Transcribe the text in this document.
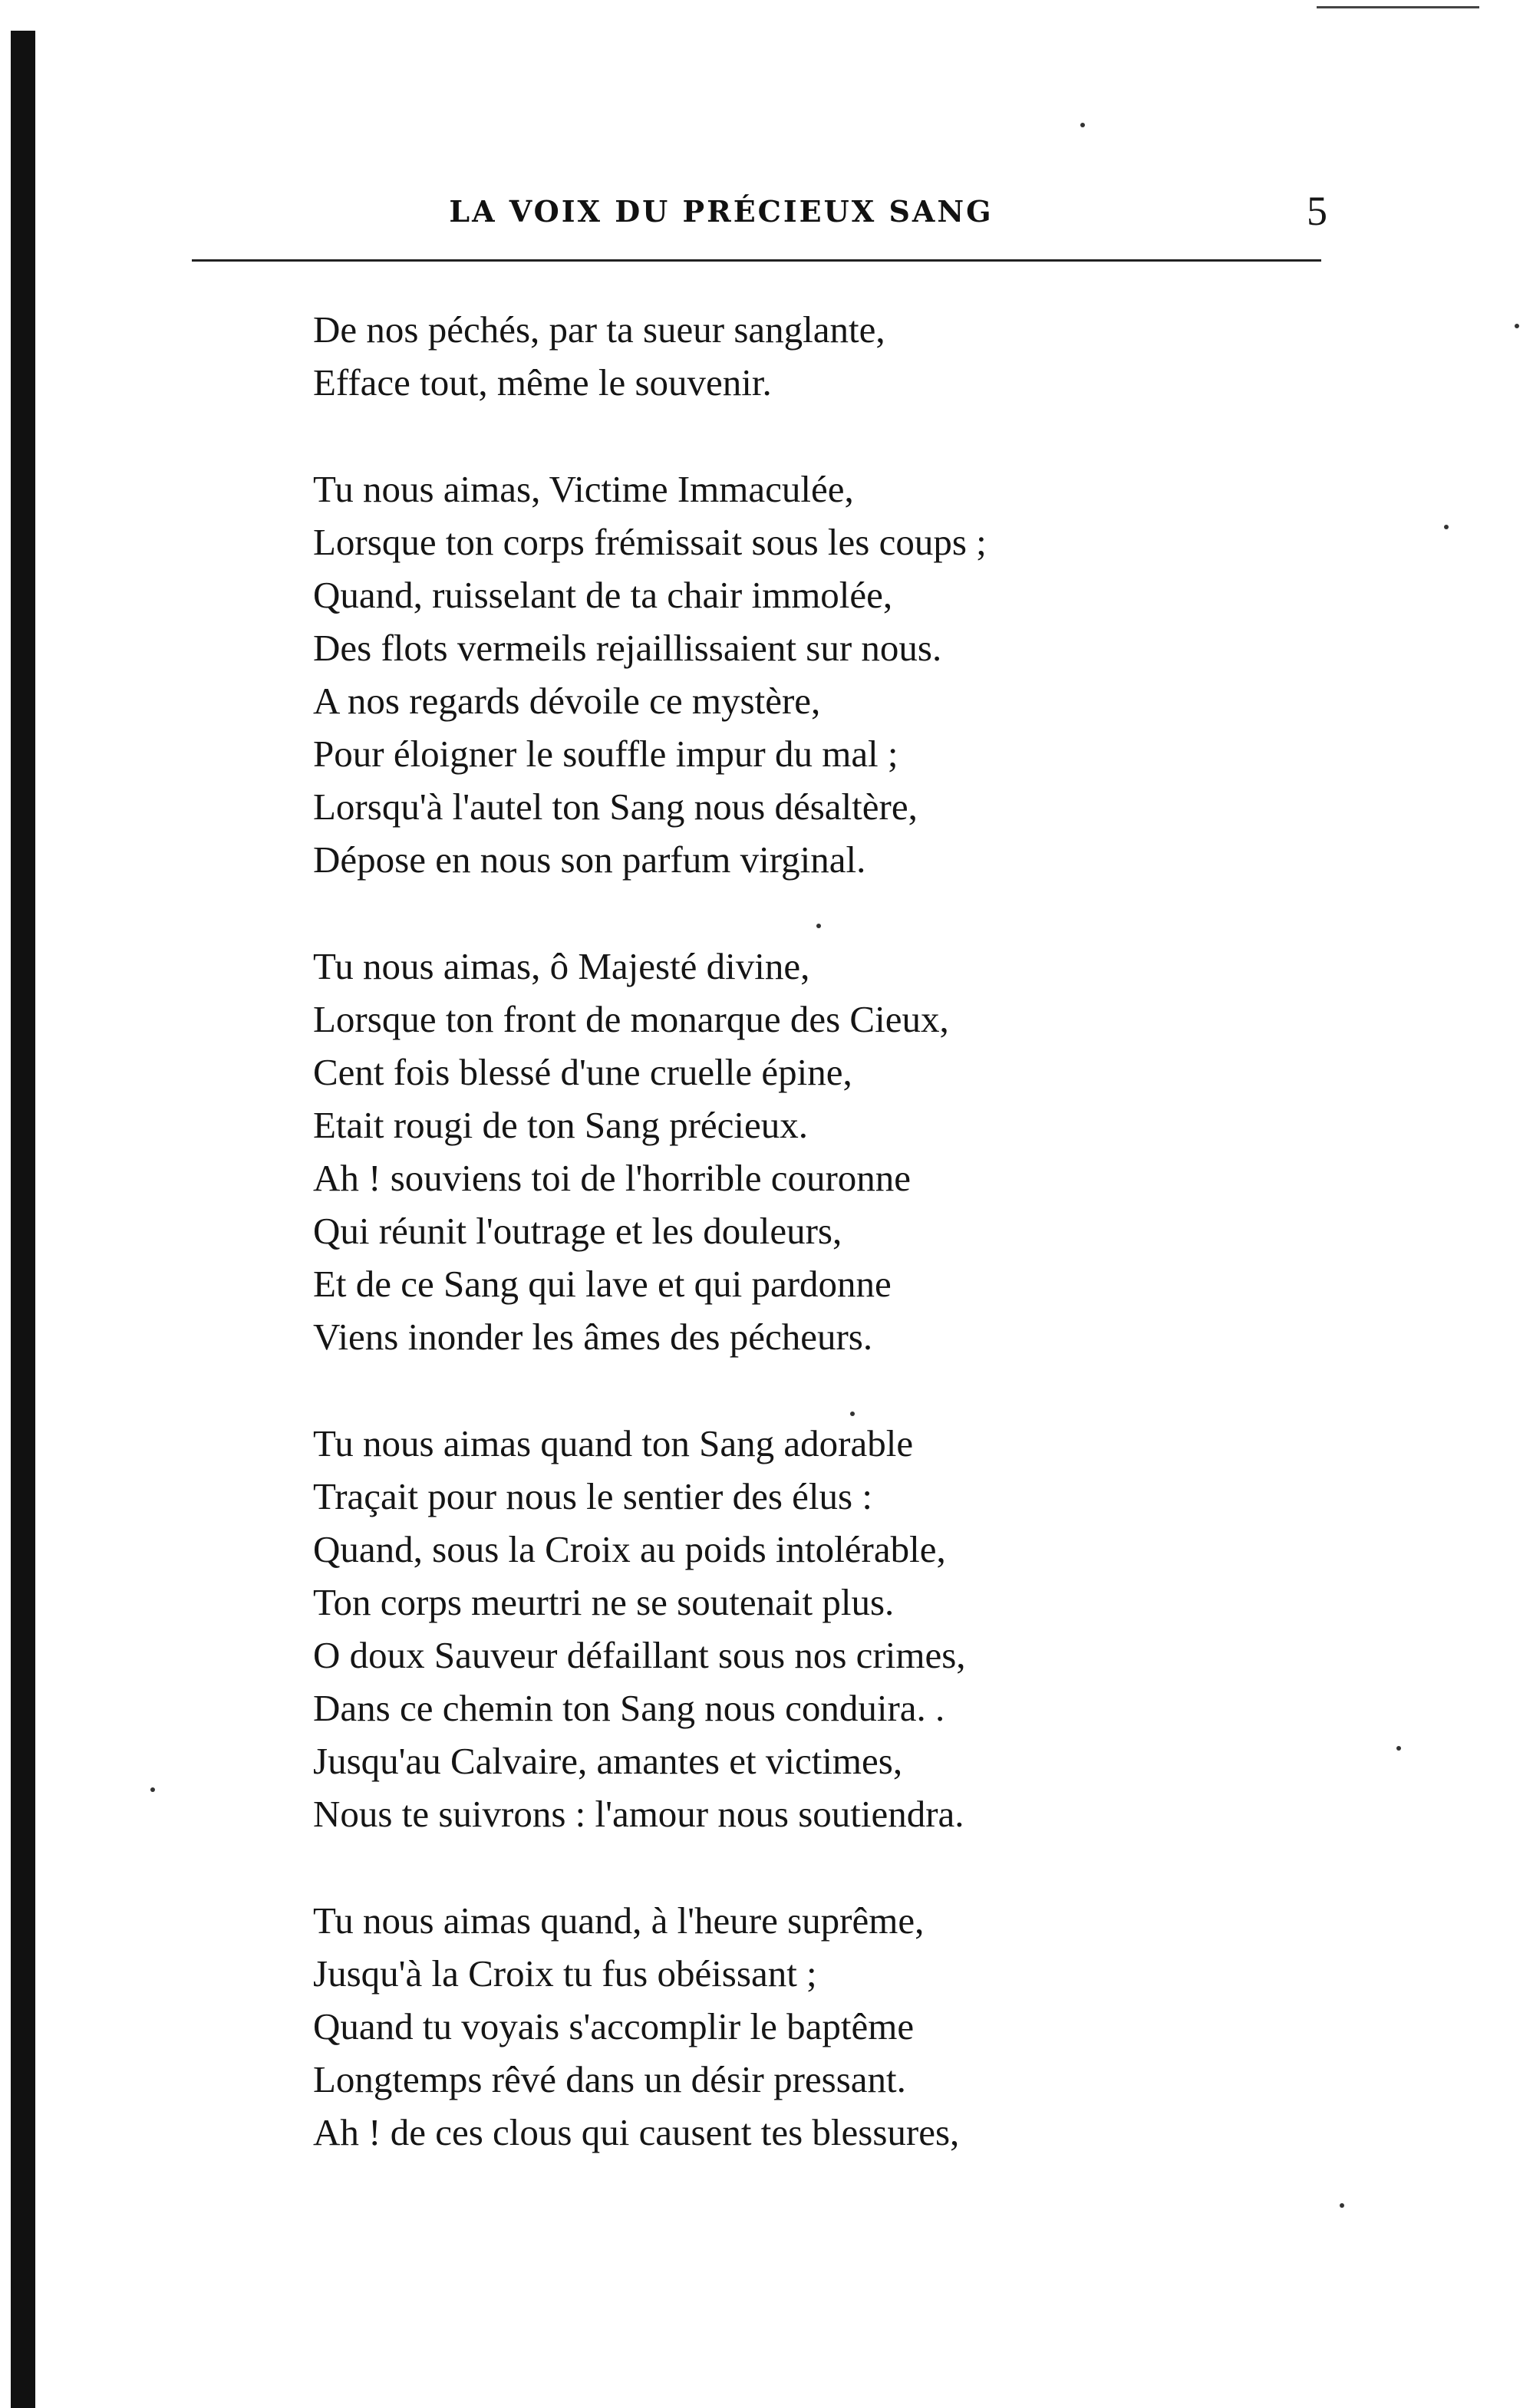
LA VOIX DU PRÉCIEUX SANG	5
De nos péchés, par ta sueur sanglante,
Efface tout, même le souvenir.
Tu nous aimas, Victime Immaculée,
Lorsque ton corps frémissait sous les coups ;
Quand, ruisselant de ta chair immolée,
Des flots vermeils rejaillissaient sur nous.
A nos regards dévoile ce mystère,
Pour éloigner le souffle impur du mal ;
Lorsqu'à l'autel ton Sang nous désaltère,
Dépose en nous son parfum virginal.
Tu nous aimas, ô Majesté divine,
Lorsque ton front de monarque des Cieux,
Cent fois blessé d'une cruelle épine,
Etait rougi de ton Sang précieux.
Ah ! souviens toi de l'horrible couronne
Qui réunit l'outrage et les douleurs,
Et de ce Sang qui lave et qui pardonne
Viens inonder les âmes des pécheurs.
Tu nous aimas quand ton Sang adorable
Traçait pour nous le sentier des élus :
Quand, sous la Croix au poids intolérable,
Ton corps meurtri ne se soutenait plus.
O doux Sauveur défaillant sous nos crimes,
Dans ce chemin ton Sang nous conduira. .
Jusqu'au Calvaire, amantes et victimes,
Nous te suivrons : l'amour nous soutiendra.
Tu nous aimas quand, à l'heure suprême,
Jusqu'à la Croix tu fus obéissant ;
Quand tu voyais s'accomplir le baptême
Longtemps rêvé dans un désir pressant.
Ah ! de ces clous qui causent tes blessures,
